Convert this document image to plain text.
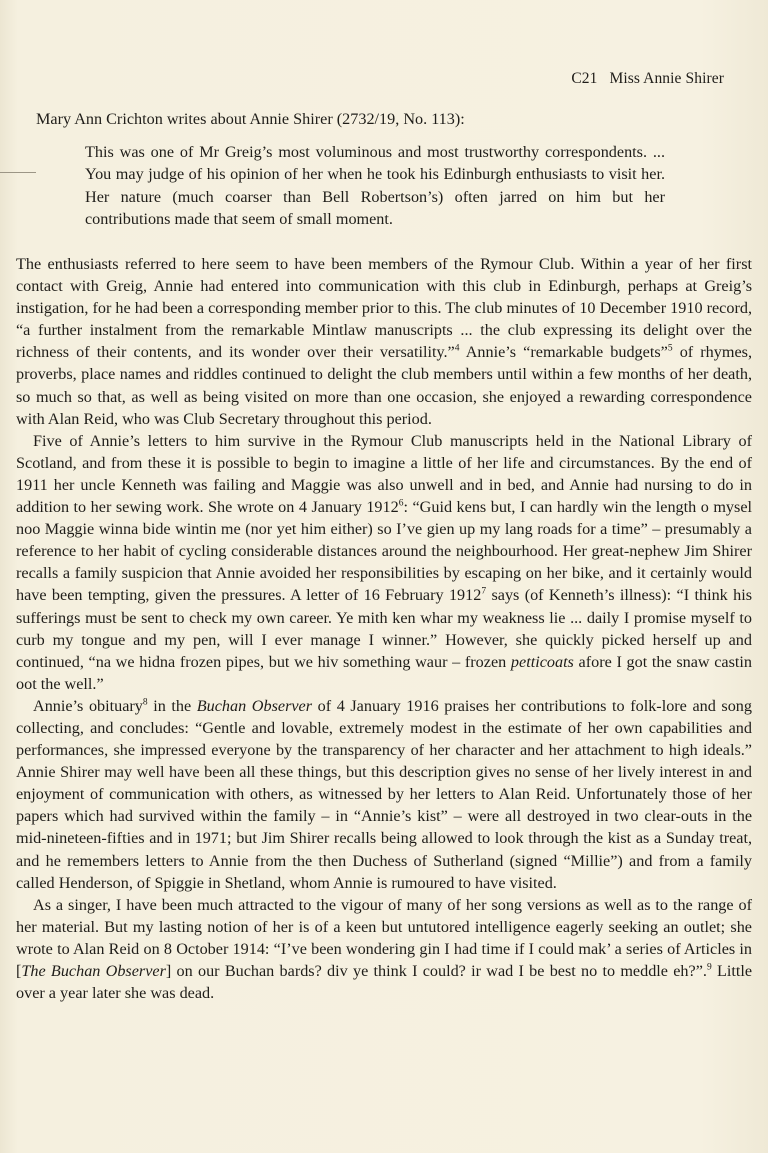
C21 Miss Annie Shirer
Mary Ann Crichton writes about Annie Shirer (2732/19, No. 113):

This was one of Mr Greig’s most voluminous and most trustworthy correspondents. ... You may judge of his opinion of her when he took his Edinburgh enthusiasts to visit her. Her nature (much coarser than Bell Robertson’s) often jarred on him but her contributions made that seem of small moment.

The enthusiasts referred to here seem to have been members of the Rymour Club. Within a year of her first contact with Greig, Annie had entered into communication with this club in Edinburgh, perhaps at Greig’s instigation, for he had been a corresponding member prior to this. The club minutes of 10 December 1910 record, “a further instalment from the remarkable Mintlaw manuscripts ... the club expressing its delight over the richness of their contents, and its wonder over their versatility.”$^4$ Annie’s “remarkable budgets”$^5$ of rhymes, proverbs, place names and riddles continued to delight the club members until within a few months of her death, so much so that, as well as being visited on more than one occasion, she enjoyed a rewarding correspondence with Alan Reid, who was Club Secretary throughout this period.

Five of Annie’s letters to him survive in the Rymour Club manuscripts held in the National Library of Scotland, and from these it is possible to begin to imagine a little of her life and circumstances. By the end of 1911 her uncle Kenneth was failing and Maggie was also unwell and in bed, and Annie had nursing to do in addition to her sewing work. She wrote on 4 January 1912$^6$: “Guid kens but, I can hardly win the length o mysel noo Maggie winna bide wintin me (nor yet him either) so I’ve gien up my lang roads for a time” – presumably a reference to her habit of cycling considerable distances around the neighbourhood. Her great-nephew Jim Shirer recalls a family suspicion that Annie avoided her responsibilities by escaping on her bike, and it certainly would have been tempting, given the pressures. A letter of 16 February 1912$^7$ says (of Kenneth’s illness): “I think his sufferings must be sent to check my own career. Ye mith ken whar my weakness lie ... daily I promise myself to curb my tongue and my pen, will I ever manage I winner.” However, she quickly picked herself up and continued, “na we hidna frozen pipes, but we hiv something waur – frozen petticoats afore I got the snaw castin oot the well.”

Annie’s obituary$^8$ in the Buchan Observer of 4 January 1916 praises her contributions to folk-lore and song collecting, and concludes: “Gentle and lovable, extremely modest in the estimate of her own capabilities and performances, she impressed everyone by the transparency of her character and her attachment to high ideals.” Annie Shirer may well have been all these things, but this description gives no sense of her lively interest in and enjoyment of communication with others, as witnessed by her letters to Alan Reid. Unfortunately those of her papers which had survived within the family – in “Annie’s kist” – were all destroyed in two clear-outs in the mid-nineteen-fifties and in 1971; but Jim Shirer recalls being allowed to look through the kist as a Sunday treat, and he remembers letters to Annie from the then Duchess of Sutherland (signed “Millie”) and from a family called Henderson, of Spiggie in Shetland, whom Annie is rumoured to have visited.

As a singer, I have been much attracted to the vigour of many of her song versions as well as to the range of her material. But my lasting notion of her is of a keen but untutored intelligence eagerly seeking an outlet; she wrote to Alan Reid on 8 October 1914: “I’ve been wondering gin I had time if I could mak’ a series of Articles in [The Buchan Observer] on our Buchan bards? div ye think I could? ir wad I be best no to meddle eh?”.$^9$ Little over a year later she was dead.
